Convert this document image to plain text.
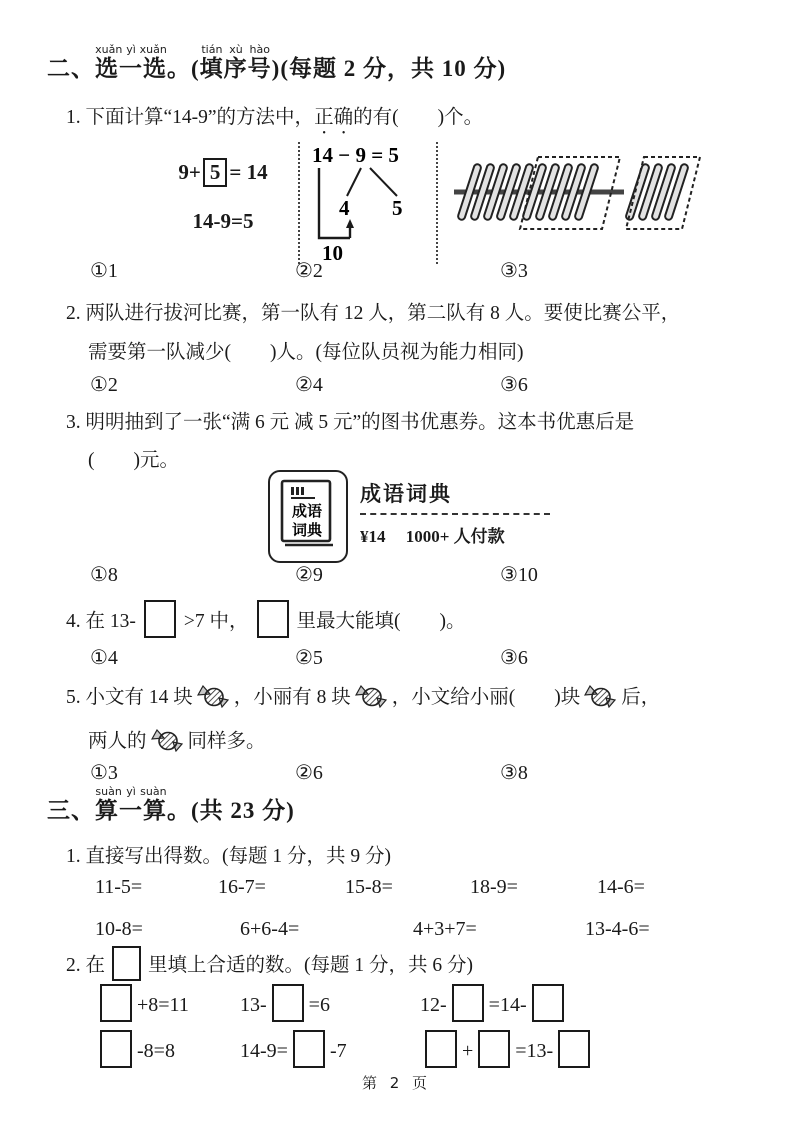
二、选一选xuǎn yì xuǎn。(填序号tián xù hào)(每题 2 分，共 10 分)
1. 下面计算“14-9”的方法中，正确的有(　　)个。
9+ 5 = 14
14-9=5
14 − 9 = 5
4 5
10
①1	②2	③3
2. 两队进行拔河比赛，第一队有 12 人，第二队有 8 人。要使比赛公平，
需要第一队减少(　　)人。(每位队员视为能力相同)
①2	②4	③6
3. 明明抽到了一张“满 6 元 减 5 元”的图书优惠券。这本书优惠后是
(　　)元。
成语
词典
成语词典
¥14 1000+ 人付款
①8	②9	③10
4. 在 13- >7 中， 里最大能填(　　)。
①4	②5	③6
5. 小文有 14 块 ，小丽有 8 块 ，小文给小丽(　　)块 后，
两人的 同样多。
①3	②6	③8
三、算一算suàn yì suàn。(共 23 分)
1. 直接写出得数。(每题 1 分，共 9 分)
11-5=	16-7=	15-8=	18-9=	14-6=
10-8=	6+6-4=	4+3+7=	13-4-6=
2. 在 里填上合适的数。(每题 1 分，共 6 分)
+8=11	13- =6	12- =14-
-8=8	14-9= -7	+ =13-
第 2 页
